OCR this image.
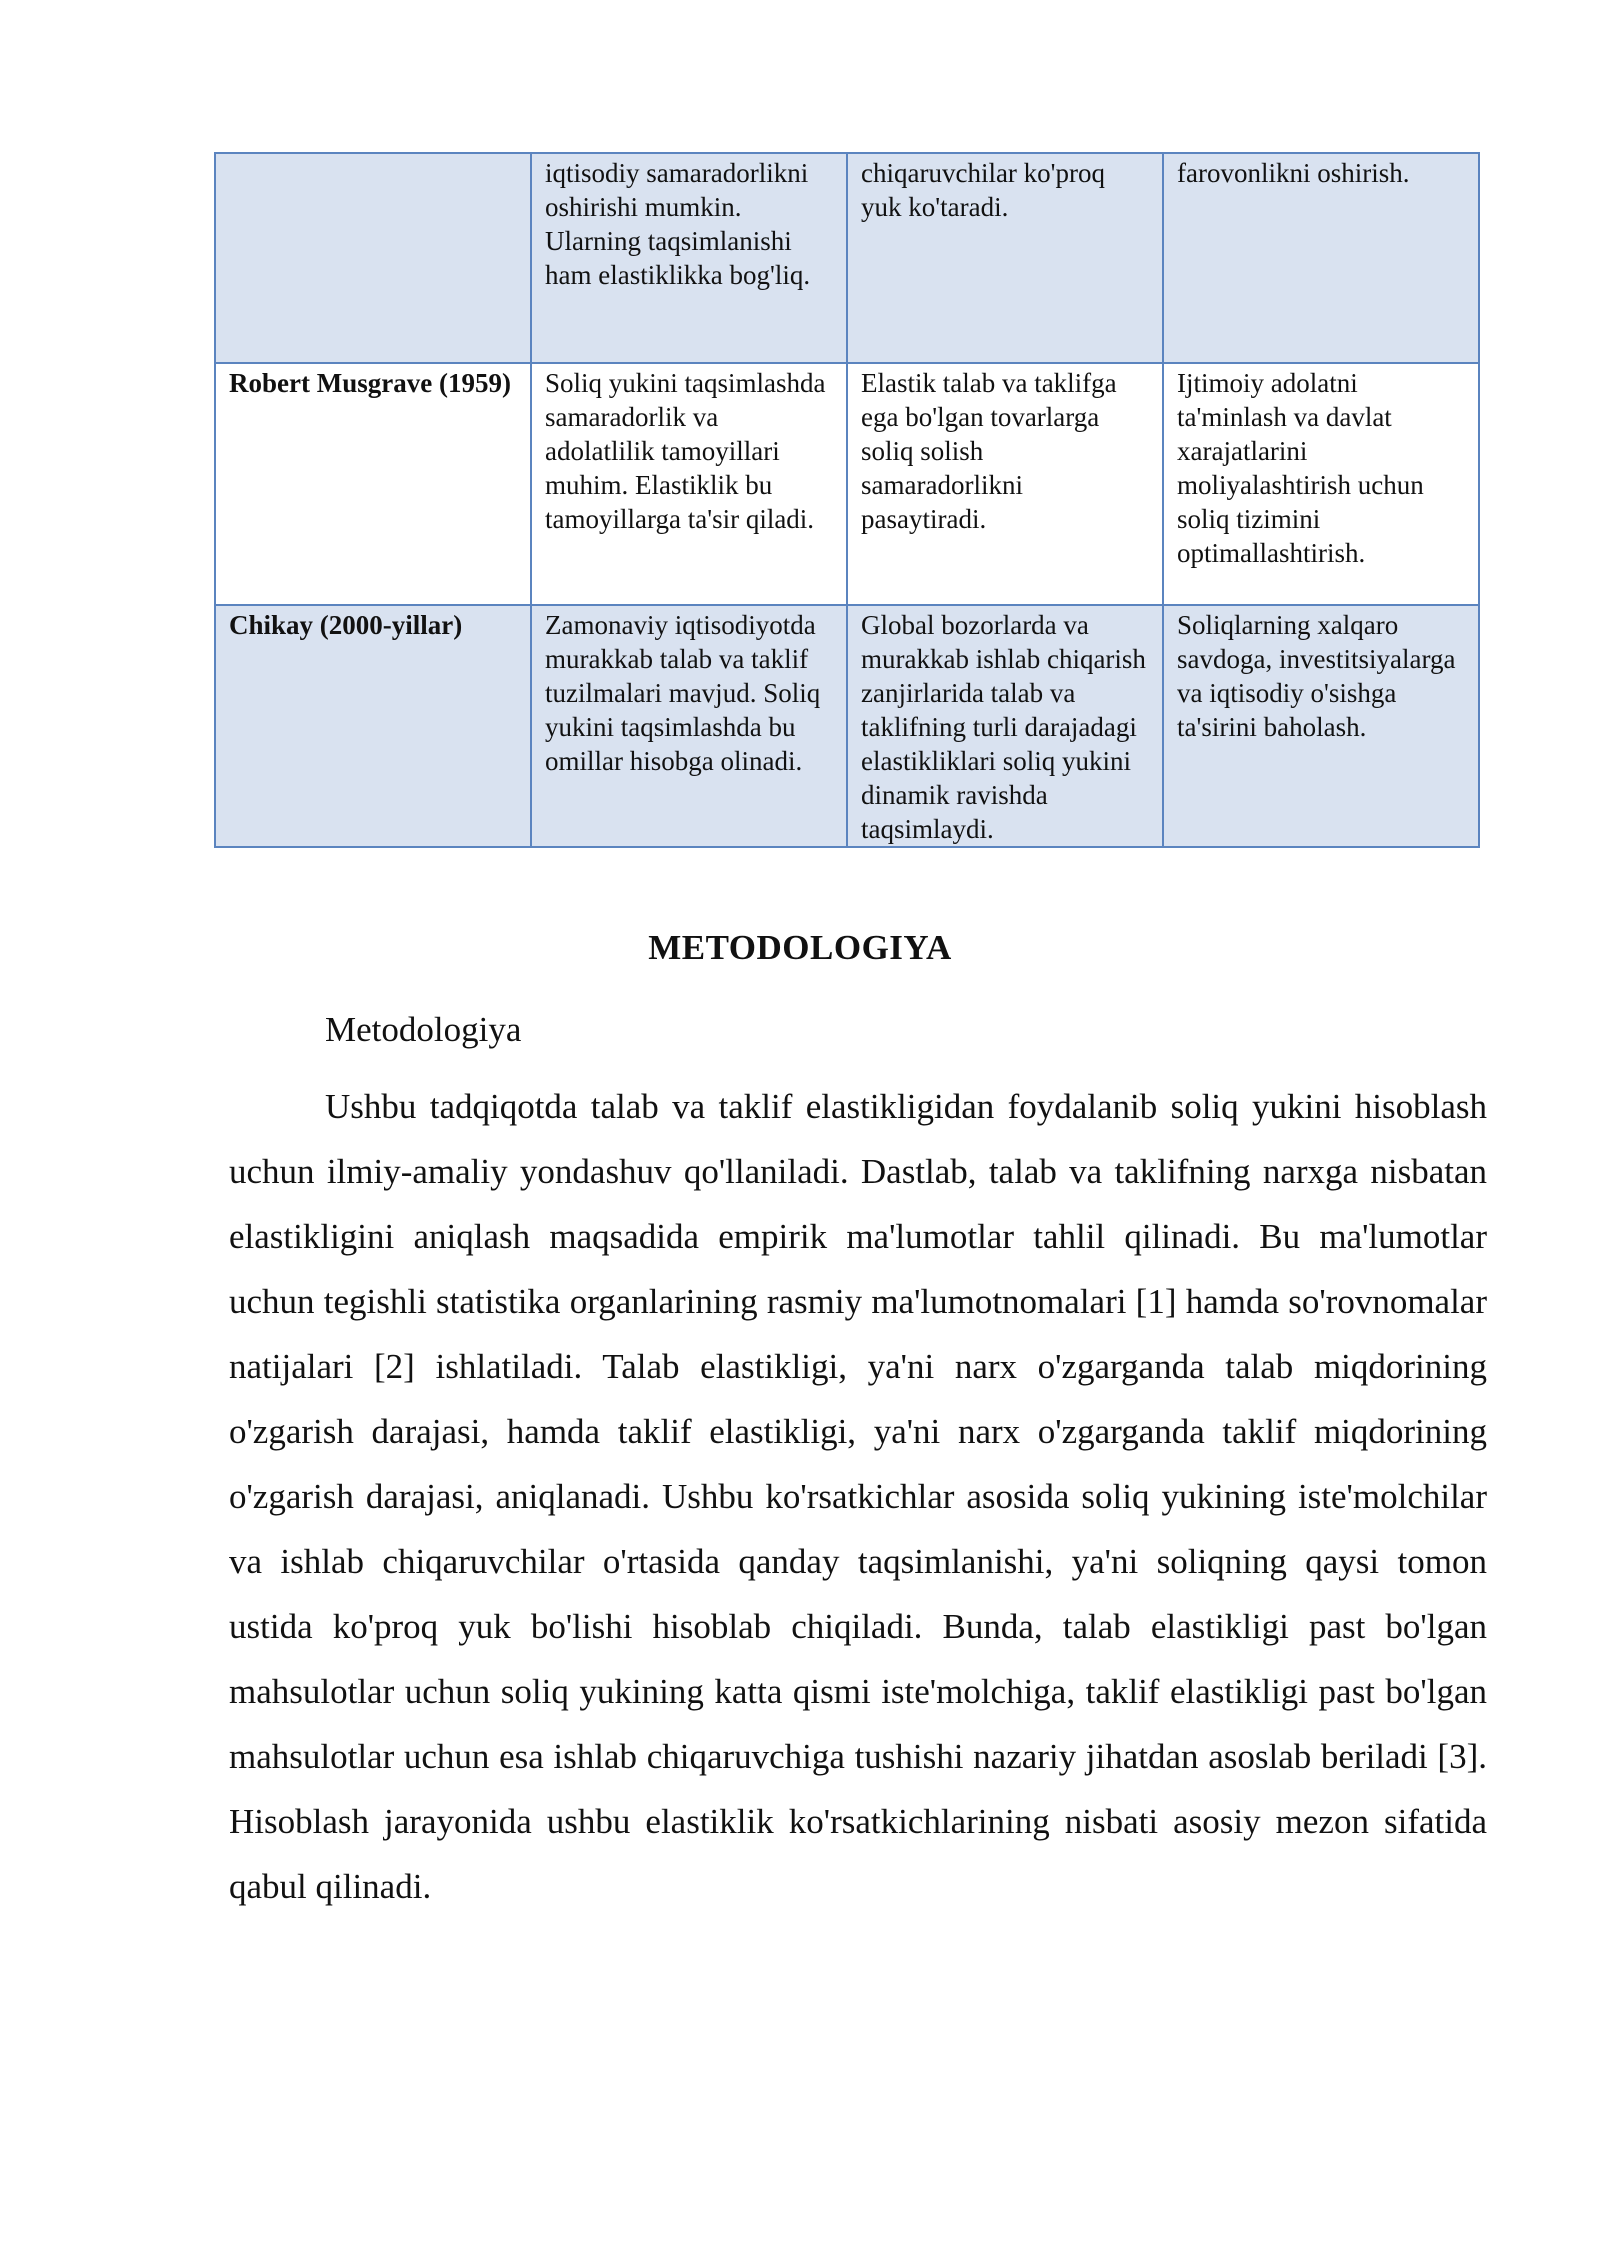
	iqtisodiy samaradorlikni oshirishi mumkin. Ularning taqsimlanishi ham elastiklikka bog'liq.	chiqaruvchilar ko'proq yuk ko'taradi.	farovonlikni oshirish.
Robert Musgrave (1959)	Soliq yukini taqsimlashda samaradorlik va adolatlilik tamoyillari muhim. Elastiklik bu tamoyillarga ta'sir qiladi.	Elastik talab va taklifga ega bo'lgan tovarlarga soliq solish samaradorlikni pasaytiradi.	Ijtimoiy adolatni ta'minlash va davlat xarajatlarini moliyalashtirish uchun soliq tizimini optimallashtirish.
Chikay (2000-yillar)	Zamonaviy iqtisodiyotda murakkab talab va taklif tuzilmalari mavjud. Soliq yukini taqsimlashda bu omillar hisobga olinadi.	Global bozorlarda va murakkab ishlab chiqarish zanjirlarida talab va taklifning turli darajadagi elastikliklari soliq yukini dinamik ravishda taqsimlaydi.	Soliqlarning xalqaro savdoga, investitsiyalarga va iqtisodiy o'sishga ta'sirini baholash.
METODOLOGIYA
Metodologiya

Ushbu tadqiqotda talab va taklif elastikligidan foydalanib soliq yukini hisoblash uchun ilmiy-amaliy yondashuv qo'llaniladi. Dastlab, talab va taklifning narxga nisbatan elastikligini aniqlash maqsadida empirik ma'lumotlar tahlil qilinadi. Bu ma'lumotlar uchun tegishli statistika organlarining rasmiy ma'lumotnomalari [1] hamda so'rovnomalar natijalari [2] ishlatiladi. Talab elastikligi, ya'ni narx o'zgarganda talab miqdorining o'zgarish darajasi, hamda taklif elastikligi, ya'ni narx o'zgarganda taklif miqdorining o'zgarish darajasi, aniqlanadi. Ushbu ko'rsatkichlar asosida soliq yukining iste'molchilar va ishlab chiqaruvchilar o'rtasida qanday taqsimlanishi, ya'ni soliqning qaysi tomon ustida ko'proq yuk bo'lishi hisoblab chiqiladi. Bunda, talab elastikligi past bo'lgan mahsulotlar uchun soliq yukining katta qismi iste'molchiga, taklif elastikligi past bo'lgan mahsulotlar uchun esa ishlab chiqaruvchiga tushishi nazariy jihatdan asoslab beriladi [3]. Hisoblash jarayonida ushbu elastiklik ko'rsatkichlarining nisbati asosiy mezon sifatida qabul qilinadi.
